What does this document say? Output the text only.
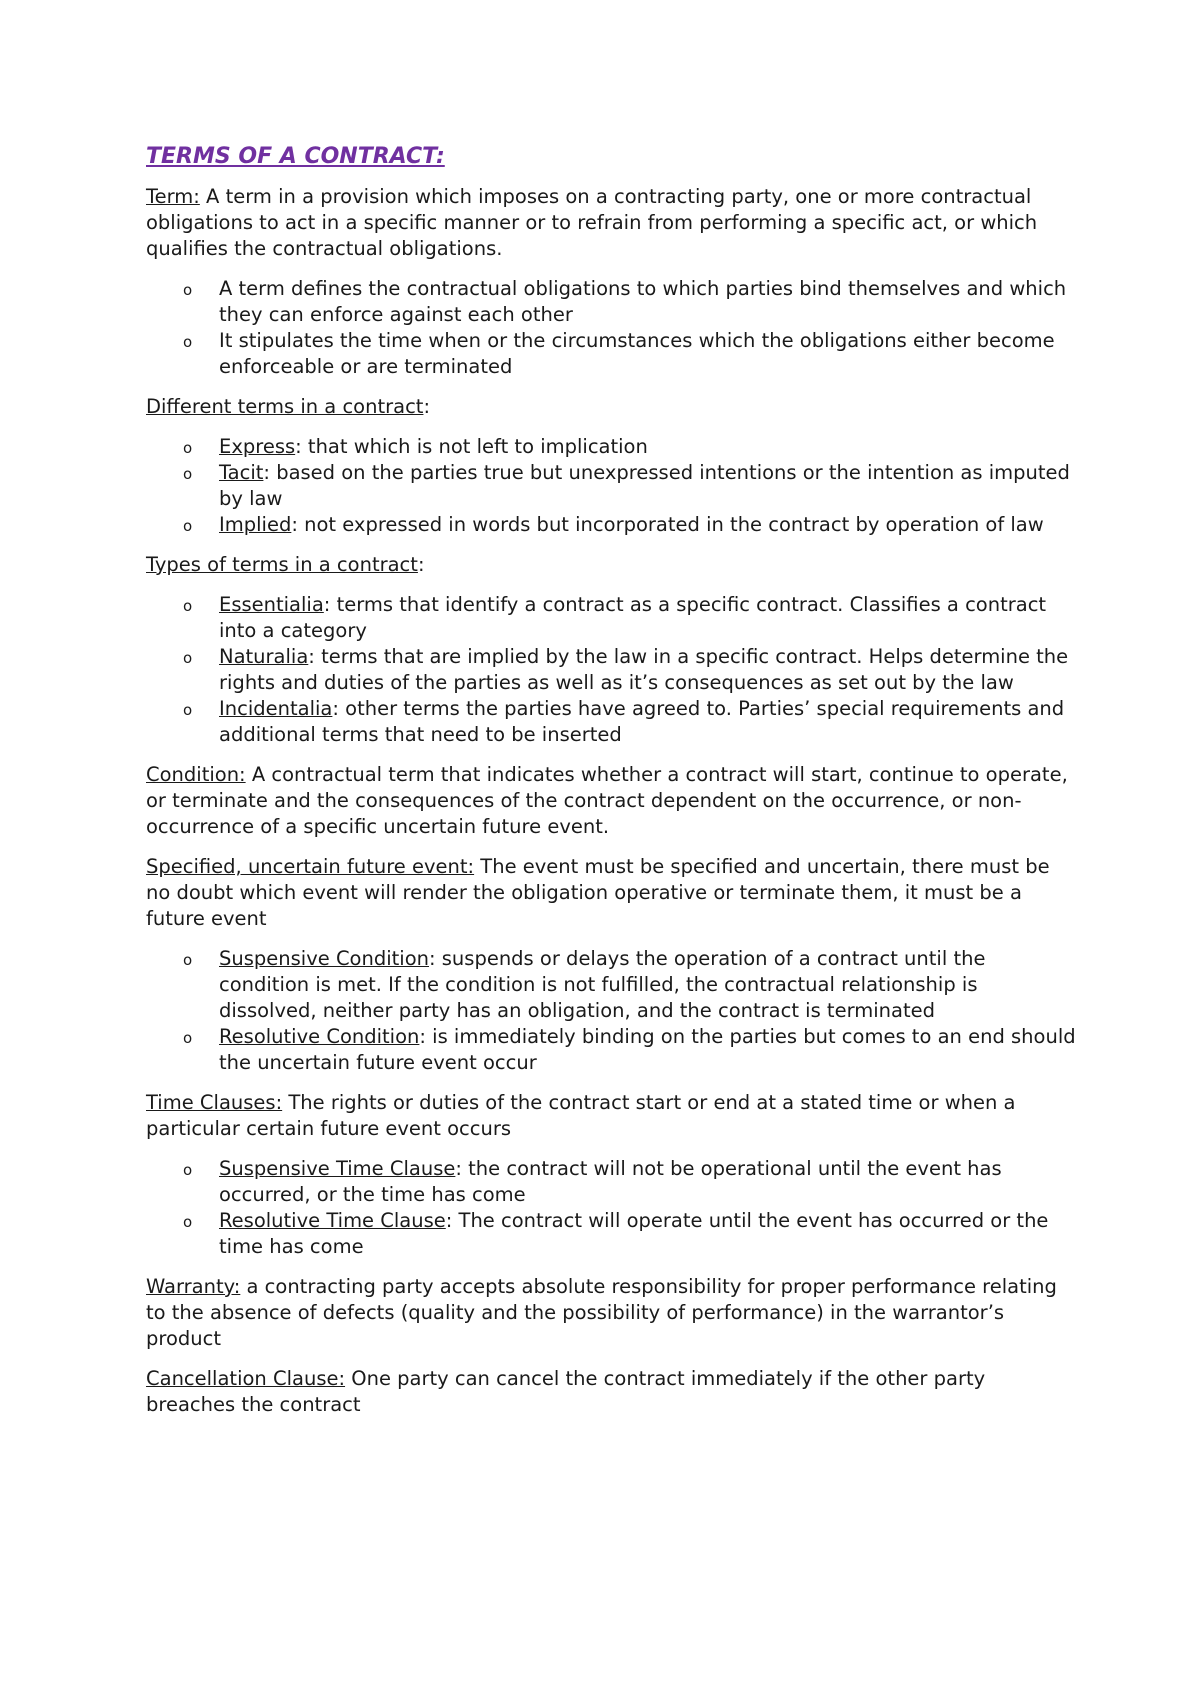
TERMS OF A CONTRACT:
Term: A term in a provision which imposes on a contracting party, one or more contractual obligations to act in a specific manner or to refrain from performing a specific act, or which qualifies the contractual obligations.
o A term defines the contractual obligations to which parties bind themselves and which they can enforce against each other
o It stipulates the time when or the circumstances which the obligations either become enforceable or are terminated
Different terms in a contract:
o Express: that which is not left to implication
o Tacit: based on the parties true but unexpressed intentions or the intention as imputed by law
o Implied: not expressed in words but incorporated in the contract by operation of law
Types of terms in a contract:
o Essentialia: terms that identify a contract as a specific contract. Classifies a contract into a category
o Naturalia: terms that are implied by the law in a specific contract. Helps determine the rights and duties of the parties as well as it’s consequences as set out by the law
o Incidentalia: other terms the parties have agreed to. Parties’ special requirements and additional terms that need to be inserted
Condition: A contractual term that indicates whether a contract will start, continue to operate, or terminate and the consequences of the contract dependent on the occurrence, or non-occurrence of a specific uncertain future event.
Specified, uncertain future event: The event must be specified and uncertain, there must be no doubt which event will render the obligation operative or terminate them, it must be a future event
o Suspensive Condition: suspends or delays the operation of a contract until the condition is met. If the condition is not fulfilled, the contractual relationship is dissolved, neither party has an obligation, and the contract is terminated
o Resolutive Condition: is immediately binding on the parties but comes to an end should the uncertain future event occur
Time Clauses: The rights or duties of the contract start or end at a stated time or when a particular certain future event occurs
o Suspensive Time Clause: the contract will not be operational until the event has occurred, or the time has come
o Resolutive Time Clause: The contract will operate until the event has occurred or the time has come
Warranty: a contracting party accepts absolute responsibility for proper performance relating to the absence of defects (quality and the possibility of performance) in the warrantor’s product
Cancellation Clause: One party can cancel the contract immediately if the other party breaches the contract
